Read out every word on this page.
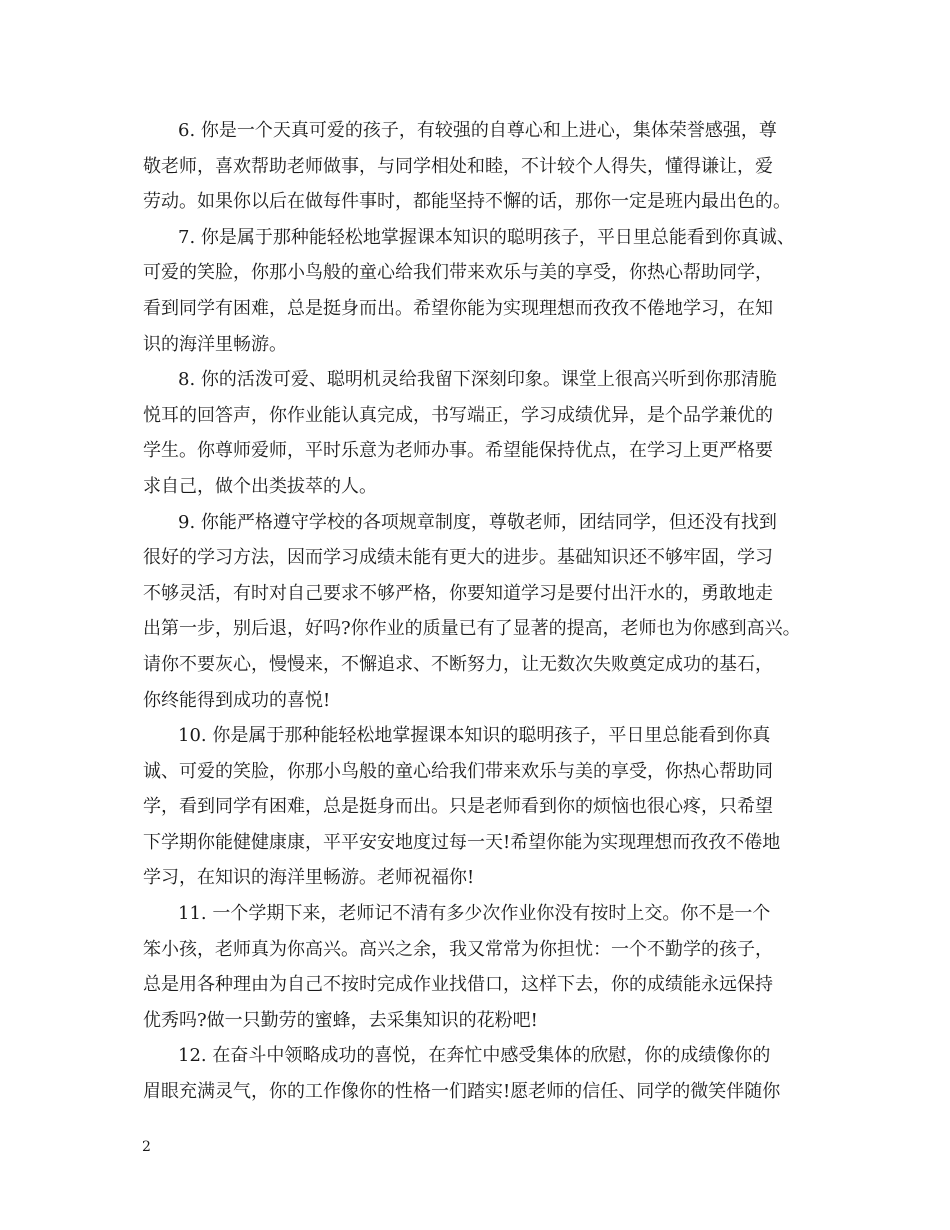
6. 你是一个天真可爱的孩子，有较强的自尊心和上进心，集体荣誉感强，尊
敬老师，喜欢帮助老师做事，与同学相处和睦，不计较个人得失，懂得谦让，爱
劳动。如果你以后在做每件事时，都能坚持不懈的话，那你一定是班内最出色的。
7. 你是属于那种能轻松地掌握课本知识的聪明孩子，平日里总能看到你真诚、
可爱的笑脸，你那小鸟般的童心给我们带来欢乐与美的享受，你热心帮助同学，
看到同学有困难，总是挺身而出。希望你能为实现理想而孜孜不倦地学习，在知
识的海洋里畅游。
8. 你的活泼可爱、聪明机灵给我留下深刻印象。课堂上很高兴听到你那清脆
悦耳的回答声，你作业能认真完成，书写端正，学习成绩优异，是个品学兼优的
学生。你尊师爱师，平时乐意为老师办事。希望能保持优点，在学习上更严格要
求自己，做个出类拔萃的人。
9. 你能严格遵守学校的各项规章制度，尊敬老师，团结同学，但还没有找到
很好的学习方法，因而学习成绩未能有更大的进步。基础知识还不够牢固，学习
不够灵活，有时对自己要求不够严格，你要知道学习是要付出汗水的，勇敢地走
出第一步，别后退，好吗?你作业的质量已有了显著的提高，老师也为你感到高兴。
请你不要灰心，慢慢来，不懈追求、不断努力，让无数次失败奠定成功的基石，
你终能得到成功的喜悦!
10. 你是属于那种能轻松地掌握课本知识的聪明孩子，平日里总能看到你真
诚、可爱的笑脸，你那小鸟般的童心给我们带来欢乐与美的享受，你热心帮助同
学，看到同学有困难，总是挺身而出。只是老师看到你的烦恼也很心疼，只希望
下学期你能健健康康，平平安安地度过每一天!希望你能为实现理想而孜孜不倦地
学习，在知识的海洋里畅游。老师祝福你!
11. 一个学期下来，老师记不清有多少次作业你没有按时上交。你不是一个
笨小孩，老师真为你高兴。高兴之余，我又常常为你担忧：一个不勤学的孩子，
总是用各种理由为自己不按时完成作业找借口，这样下去，你的成绩能永远保持
优秀吗?做一只勤劳的蜜蜂，去采集知识的花粉吧!
12. 在奋斗中领略成功的喜悦，在奔忙中感受集体的欣慰，你的成绩像你的
眉眼充满灵气，你的工作像你的性格一们踏实!愿老师的信任、同学的微笑伴随你
2
